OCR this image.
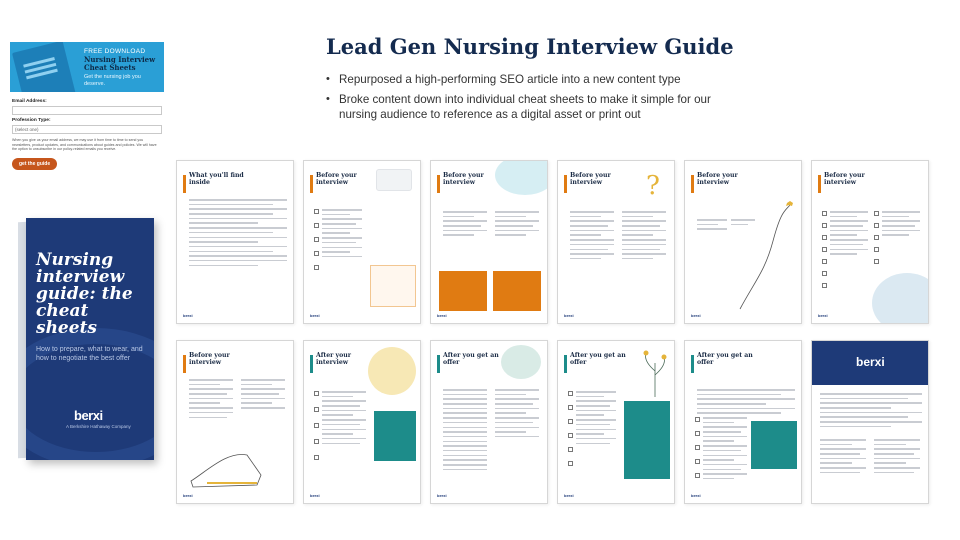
FREE DOWNLOAD
Nursing Interview Cheat Sheets
Get the nursing job you deserve.
Email Address:
Profession Type:
(select one)
When you give us your email address, we may use it from time to time to send you newsletters, product updates, and communications about guides and policies. We will have the option to unsubscribe in our policy-related emails you receive.
get the guide
Nursing interview guide: the cheat sheets
How to prepare, what to wear, and how to negotiate the best offer
berxi
A Berkshire Hathaway Company
Lead Gen Nursing Interview Guide
• Repurposed a high-performing SEO article into a new content type
• Broke content down into individual cheat sheets to make it simple for our nursing audience to reference as a digital asset or print out
What you'll find inside
berxi
Before your interview
berxi
Before your interview
berxi
Before your interview	?
berxi
Before your interview
berxi
Before your interview
berxi
Before your interview
berxi
After your interview
berxi
After you get an offer
berxi
After you get an offer
berxi
After you get an offer
berxi
berxi
